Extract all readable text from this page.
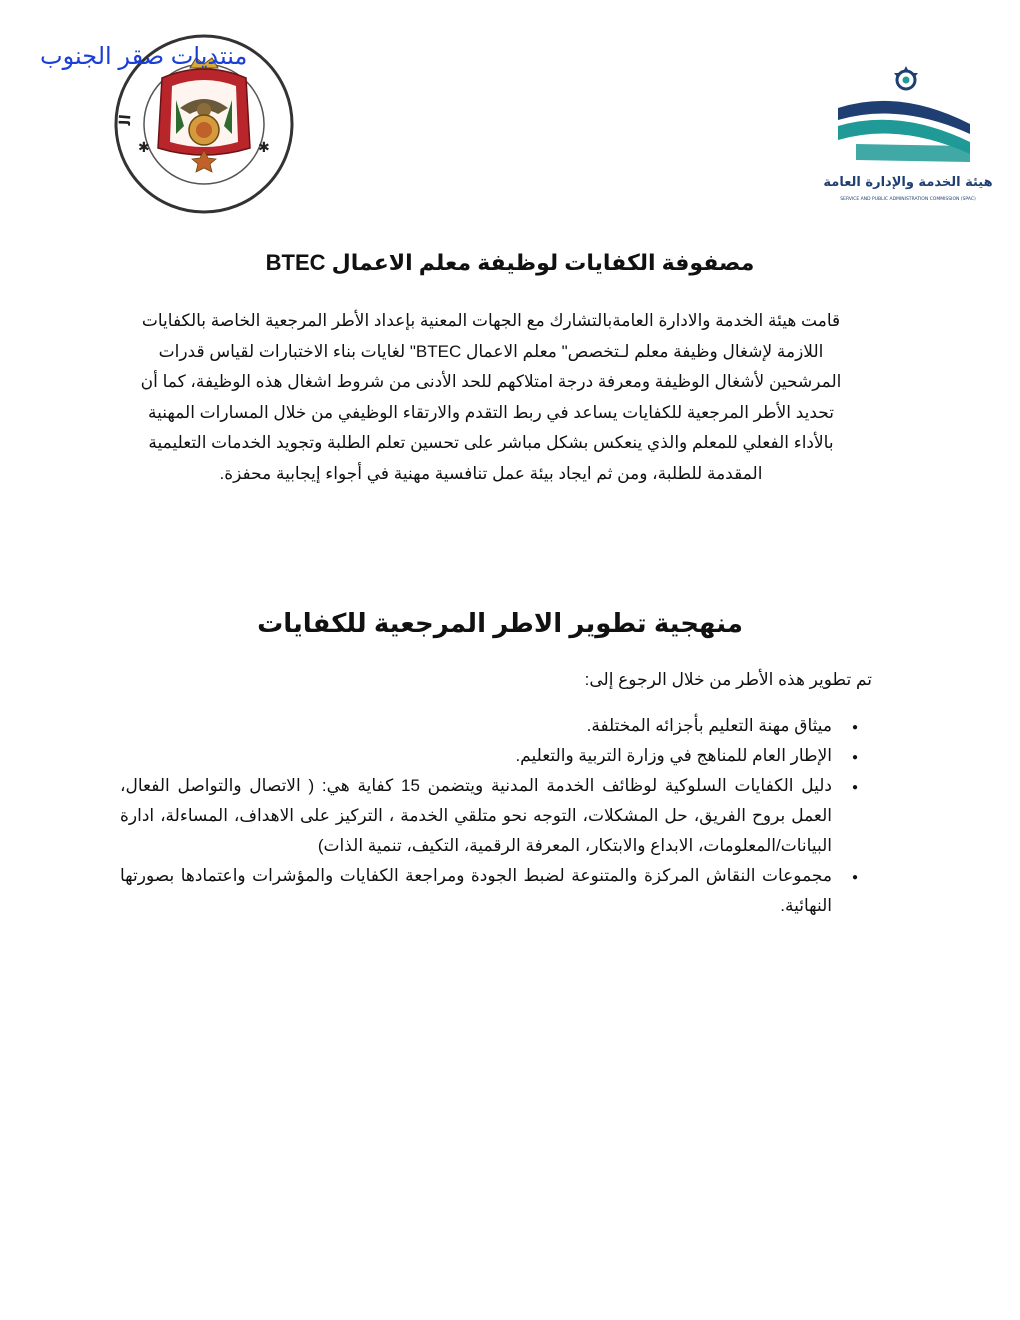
ال
✱	✱
منتديات صقر الجنوب
هيئة الخدمة والإدارة العامة
SERVICE AND PUBLIC ADMINISTRATION COMMISSION (SPAC)
مصفوفة الكفايات لوظيفة معلم الاعمال BTEC
قامت هيئة الخدمة والادارة العامةبالتشارك مع الجهات المعنية بإعداد الأطر المرجعية الخاصة بالكفايات
اللازمة لإشغال وظيفة معلم لـتخصص" معلم الاعمال BTEC" لغايات بناء الاختبارات لقياس قدرات
المرشحين لأشغال الوظيفة ومعرفة درجة امتلاكهم للحد الأدنى من شروط اشغال هذه الوظيفة، كما أن
تحديد الأطر المرجعية للكفايات يساعد في ربط التقدم والارتقاء الوظيفي من خلال المسارات المهنية
بالأداء الفعلي للمعلم والذي ينعكس بشكل مباشر على تحسين تعلم الطلبة وتجويد الخدمات التعليمية
المقدمة للطلبة، ومن ثم ايجاد بيئة عمل تنافسية مهنية في أجواء إيجابية محفزة.
منهجية تطوير الاطر المرجعية للكفايات
تم تطوير هذه الأطر من خلال الرجوع إلى:
● ميثاق مهنة التعليم بأجزائه المختلفة.
● الإطار العام للمناهج في وزارة التربية والتعليم.
● دليل الكفايات السلوكية لوظائف الخدمة المدنية ويتضمن 15 كفاية هي: ( الاتصال والتواصل الفعال، العمل بروح الفريق، حل المشكلات، التوجه نحو متلقي الخدمة ، التركيز على الاهداف، المساءلة، ادارة البيانات/المعلومات، الابداع والابتكار، المعرفة الرقمية، التكيف، تنمية الذات)
● مجموعات النقاش المركزة والمتنوعة لضبط الجودة ومراجعة الكفايات والمؤشرات واعتمادها بصورتها النهائية.
